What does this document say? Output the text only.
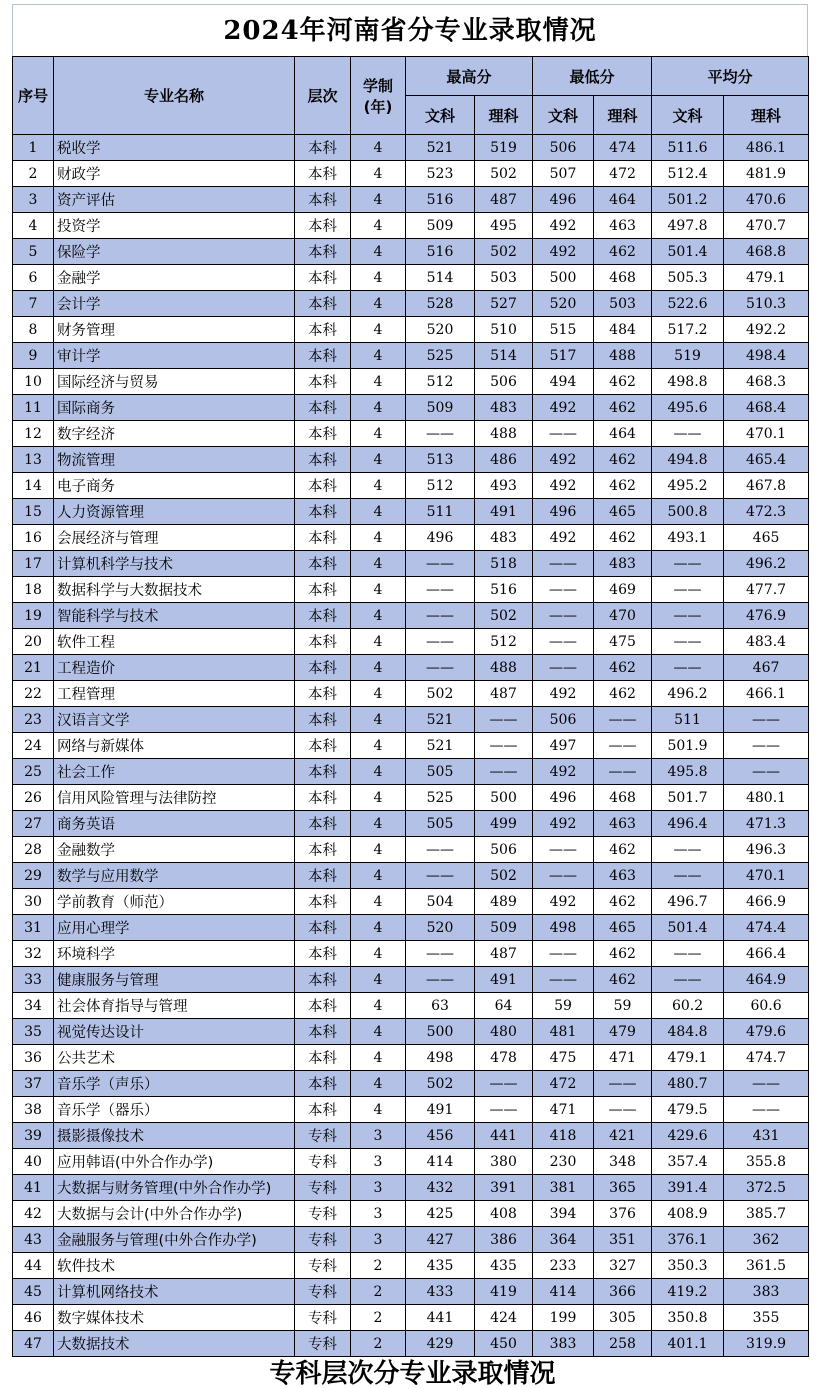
2024年河南省分专业录取情况
序号	专业名称	层次	学制
(年)	最高分		最低分		平均分	
				文科	理科	文科	理科	文科	理科
1	税收学	本科	4	521	519	506	474	511.6	486.1
2	财政学	本科	4	523	502	507	472	512.4	481.9
3	资产评估	本科	4	516	487	496	464	501.2	470.6
4	投资学	本科	4	509	495	492	463	497.8	470.7
5	保险学	本科	4	516	502	492	462	501.4	468.8
6	金融学	本科	4	514	503	500	468	505.3	479.1
7	会计学	本科	4	528	527	520	503	522.6	510.3
8	财务管理	本科	4	520	510	515	484	517.2	492.2
9	审计学	本科	4	525	514	517	488	519	498.4
10	国际经济与贸易	本科	4	512	506	494	462	498.8	468.3
11	国际商务	本科	4	509	483	492	462	495.6	468.4
12	数字经济	本科	4	——	488	——	464	——	470.1
13	物流管理	本科	4	513	486	492	462	494.8	465.4
14	电子商务	本科	4	512	493	492	462	495.2	467.8
15	人力资源管理	本科	4	511	491	496	465	500.8	472.3
16	会展经济与管理	本科	4	496	483	492	462	493.1	465
17	计算机科学与技术	本科	4	——	518	——	483	——	496.2
18	数据科学与大数据技术	本科	4	——	516	——	469	——	477.7
19	智能科学与技术	本科	4	——	502	——	470	——	476.9
20	软件工程	本科	4	——	512	——	475	——	483.4
21	工程造价	本科	4	——	488	——	462	——	467
22	工程管理	本科	4	502	487	492	462	496.2	466.1
23	汉语言文学	本科	4	521	——	506	——	511	——
24	网络与新媒体	本科	4	521	——	497	——	501.9	——
25	社会工作	本科	4	505	——	492	——	495.8	——
26	信用风险管理与法律防控	本科	4	525	500	496	468	501.7	480.1
27	商务英语	本科	4	505	499	492	463	496.4	471.3
28	金融数学	本科	4	——	506	——	462	——	496.3
29	数学与应用数学	本科	4	——	502	——	463	——	470.1
30	学前教育（师范）	本科	4	504	489	492	462	496.7	466.9
31	应用心理学	本科	4	520	509	498	465	501.4	474.4
32	环境科学	本科	4	——	487	——	462	——	466.4
33	健康服务与管理	本科	4	——	491	——	462	——	464.9
34	社会体育指导与管理	本科	4	63	64	59	59	60.2	60.6
35	视觉传达设计	本科	4	500	480	481	479	484.8	479.6
36	公共艺术	本科	4	498	478	475	471	479.1	474.7
37	音乐学（声乐）	本科	4	502	——	472	——	480.7	——
38	音乐学（器乐）	本科	4	491	——	471	——	479.5	——
39	摄影摄像技术	专科	3	456	441	418	421	429.6	431
40	应用韩语(中外合作办学)	专科	3	414	380	230	348	357.4	355.8
41	大数据与财务管理(中外合作办学)	专科	3	432	391	381	365	391.4	372.5
42	大数据与会计(中外合作办学)	专科	3	425	408	394	376	408.9	385.7
43	金融服务与管理(中外合作办学)	专科	3	427	386	364	351	376.1	362
44	软件技术	专科	2	435	435	233	327	350.3	361.5
45	计算机网络技术	专科	2	433	419	414	366	419.2	383
46	数字媒体技术	专科	2	441	424	199	305	350.8	355
47	大数据技术	专科	2	429	450	383	258	401.1	319.9
专科层次分专业录取情况
